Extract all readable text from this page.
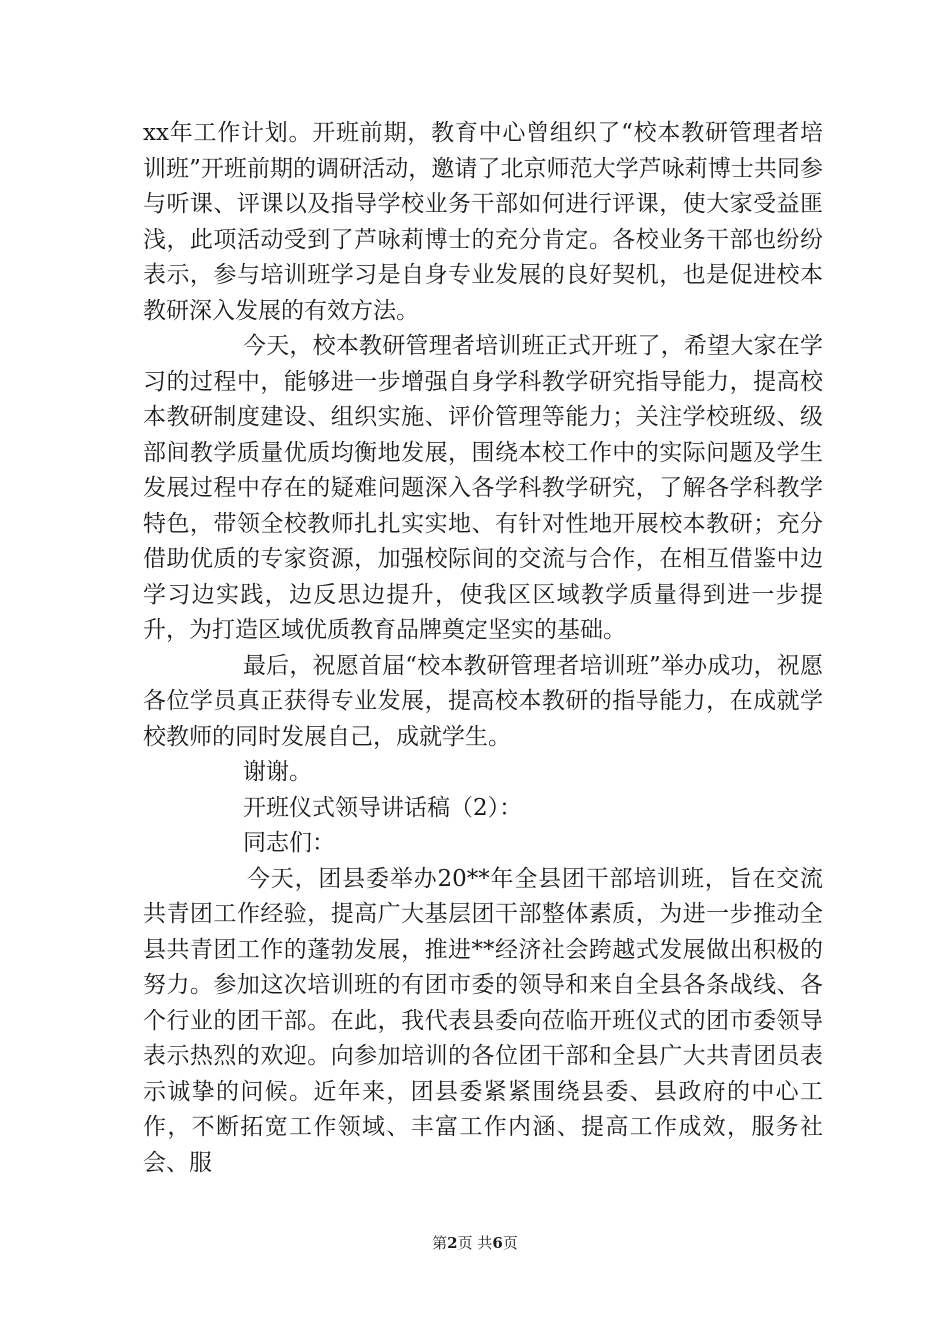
xx年工作计划。开班前期，教育中心曾组织了“校本教研管理者培训班”开班前期的调研活动，邀请了北京师范大学芦咏莉博士共同参与听课、评课以及指导学校业务干部如何进行评课，使大家受益匪浅，此项活动受到了芦咏莉博士的充分肯定。各校业务干部也纷纷表示，参与培训班学习是自身专业发展的良好契机，也是促进校本教研深入发展的有效方法。

今天，校本教研管理者培训班正式开班了，希望大家在学习的过程中，能够进一步增强自身学科教学研究指导能力，提高校本教研制度建设、组织实施、评价管理等能力；关注学校班级、级部间教学质量优质均衡地发展，围绕本校工作中的实际问题及学生发展过程中存在的疑难问题深入各学科教学研究，了解各学科教学特色，带领全校教师扎扎实实地、有针对性地开展校本教研；充分借助优质的专家资源，加强校际间的交流与合作，在相互借鉴中边学习边实践，边反思边提升，使我区区域教学质量得到进一步提升，为打造区域优质教育品牌奠定坚实的基础。

最后，祝愿首届“校本教研管理者培训班”举办成功，祝愿各位学员真正获得专业发展，提高校本教研的指导能力，在成就学校教师的同时发展自己，成就学生。

谢谢。

开班仪式领导讲话稿（2）：

同志们：

今天，团县委举办20**年全县团干部培训班，旨在交流共青团工作经验，提高广大基层团干部整体素质，为进一步推动全县共青团工作的蓬勃发展，推进**经济社会跨越式发展做出积极的努力。参加这次培训班的有团市委的领导和来自全县各条战线、各个行业的团干部。在此，我代表县委向莅临开班仪式的团市委领导表示热烈的欢迎。向参加培训的各位团干部和全县广大共青团员表示诚挚的问候。近年来，团县委紧紧围绕县委、县政府的中心工作，不断拓宽工作领域、丰富工作内涵、提高工作成效，服务社会、服

第2页 共6页
